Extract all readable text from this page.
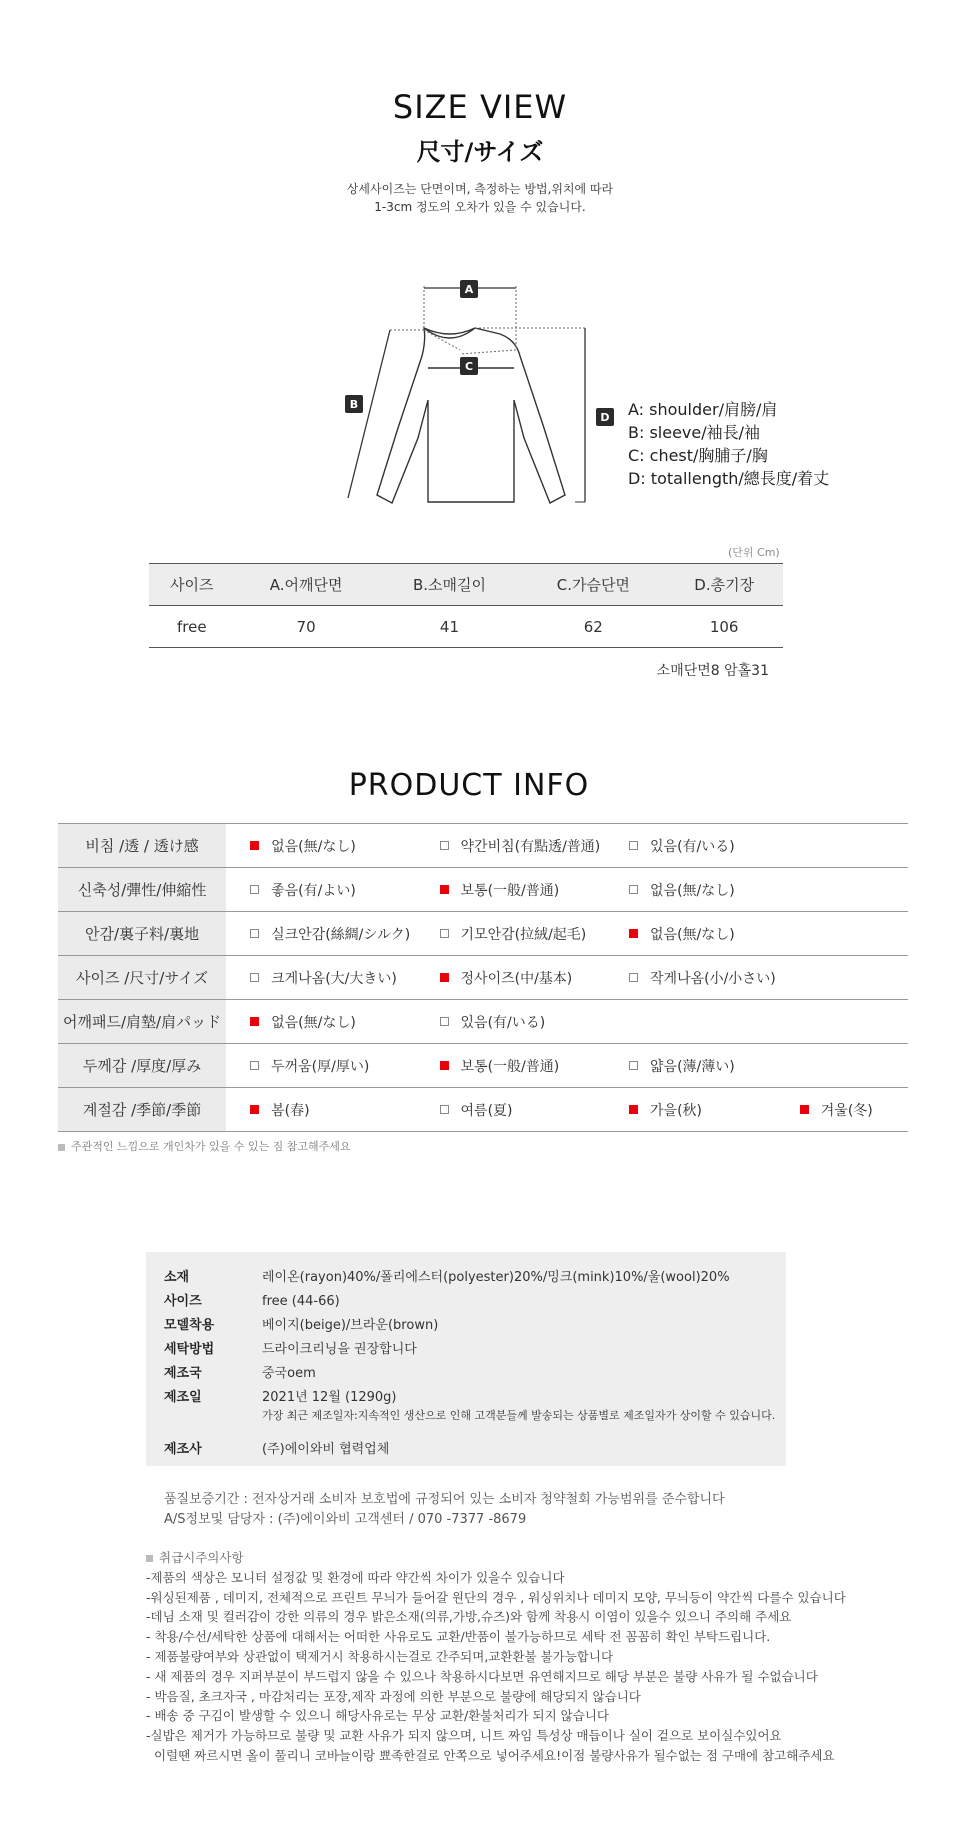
SIZE VIEW
尺寸/サイズ
상세사이즈는 단면이며, 측정하는 방법,위치에 따라
1-3cm 정도의 오차가 있을 수 있습니다.
A
B
C
D A: shoulder/肩膀/肩
B: sleeve/袖長/袖
C: chest/胸脯子/胸
D: totallength/總長度/着丈
(단위 Cm)
사이즈	A.어깨단면	B.소매길이	C.가슴단면	D.총기장
free	70	41	62	106
소매단면8 암홀31
PRODUCT INFO
비침 /透 / 透け感	없음(無/なし)	약간비침(有點透/普通)	있음(有/いる)	
신축성/彈性/伸縮性	좋음(有/よい)	보통(一般/普通)	없음(無/なし)	
안감/裏子料/裏地	실크안감(絲綢/シルク)	기모안감(拉絨/起毛)	없음(無/なし)	
사이즈 /尺寸/サイズ	크게나옴(大/大きい)	정사이즈(中/基本)	작게나옴(小/小さい)	
어깨패드/肩墊/肩パッド	없음(無/なし)	있음(有/いる)		
두께감 /厚度/厚み	두꺼움(厚/厚い)	보통(一般/普通)	얇음(薄/薄い)	
계절감 /季節/季節	봄(春)	여름(夏)	가을(秋)	겨울(冬)
주관적인 느낌으로 개인차가 있을 수 있는 짐 참고해주세요
소재	레이온(rayon)40%/폴리에스터(polyester)20%/밍크(mink)10%/울(wool)20%
사이즈	free (44-66)
모델착용	베이지(beige)/브라운(brown)
세탁방법	드라이크리닝을 권장합니다
제조국	중국oem
제조일	2021년 12월 (1290g)
가장 최근 제조일자:지속적인 생산으로 인해 고객분들께 발송되는 상품별로 제조일자가 상이할 수 있습니다.
제조사	(주)에이와비 협력업체
품질보증기간 : 전자상거래 소비자 보호법에 규정되어 있는 소비자 청약철회 가능범위를 준수합니다
A/S정보및 담당자 : (주)에이와비 고객센터 / 070 -7377 -8679
취급시주의사항
-제품의 색상은 모니터 설정값 및 환경에 따라 약간씩 차이가 있을수 있습니다
-워싱된제품 , 데미지, 전체적으로 프린트 무늬가 들어갈 원단의 경우 , 워싱위치나 데미지 모양, 무늬등이 약간씩 다를수 있습니다
-데님 소재 및 컬러감이 강한 의류의 경우 밝은소재(의류,가방,슈즈)와 함께 착용시 이염이 있을수 있으니 주의해 주세요
- 착용/수선/세탁한 상품에 대해서는 어떠한 사유로도 교환/반품이 불가능하므로 세탁 전 꼼꼼히 확인 부탁드립니다.
- 제품불량여부와 상관없이 택제거시 착용하시는걸로 간주되며,교환환불 불가능합니다
- 새 제품의 경우 지퍼부분이 부드럽지 않을 수 있으나 착용하시다보면 유연해지므로 해당 부분은 불량 사유가 될 수없습니다
- 박음질, 초크자국 , 마감처리는 포장,제작 과정에 의한 부분으로 불량에 해당되지 않습니다
- 배송 중 구김이 발생할 수 있으니 해당사유로는 무상 교환/환불처리가 되지 않습니다
-실밥은 제거가 가능하므로 불량 및 교환 사유가 되지 않으며, 니트 짜임 특성상 매듭이나 실이 겉으로 보이실수있어요
이럴땐 짜르시면 올이 풀리니 코바늘이랑 뾰족한걸로 안쪽으로 넣어주세요!이점 불량사유가 될수없는 점 구매에 참고해주세요
